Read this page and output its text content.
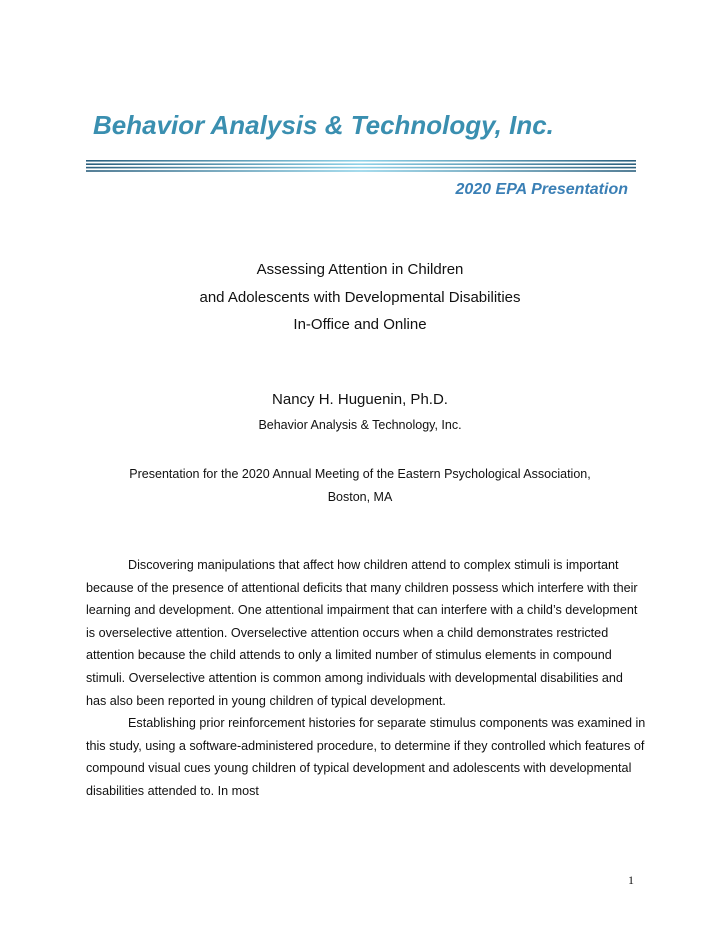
Behavior Analysis & Technology, Inc.
2020 EPA Presentation
Assessing Attention in Children
and Adolescents with Developmental Disabilities
In-Office and Online
Nancy H. Huguenin, Ph.D.
Behavior Analysis & Technology, Inc.
Presentation for the 2020 Annual Meeting of the Eastern Psychological Association,
Boston, MA

Discovering manipulations that affect how children attend to complex stimuli is important because of the presence of attentional deficits that many children possess which interfere with their learning and development. One attentional impairment that can interfere with a child’s development is overselective attention. Overselective attention occurs when a child demonstrates restricted attention because the child attends to only a limited number of stimulus elements in compound stimuli. Overselective attention is common among individuals with developmental disabilities and has also been reported in young children of typical development.

Establishing prior reinforcement histories for separate stimulus components was examined in this study, using a software-administered procedure, to determine if they controlled which features of compound visual cues young children of typical development and adolescents with developmental disabilities attended to. In most

1
